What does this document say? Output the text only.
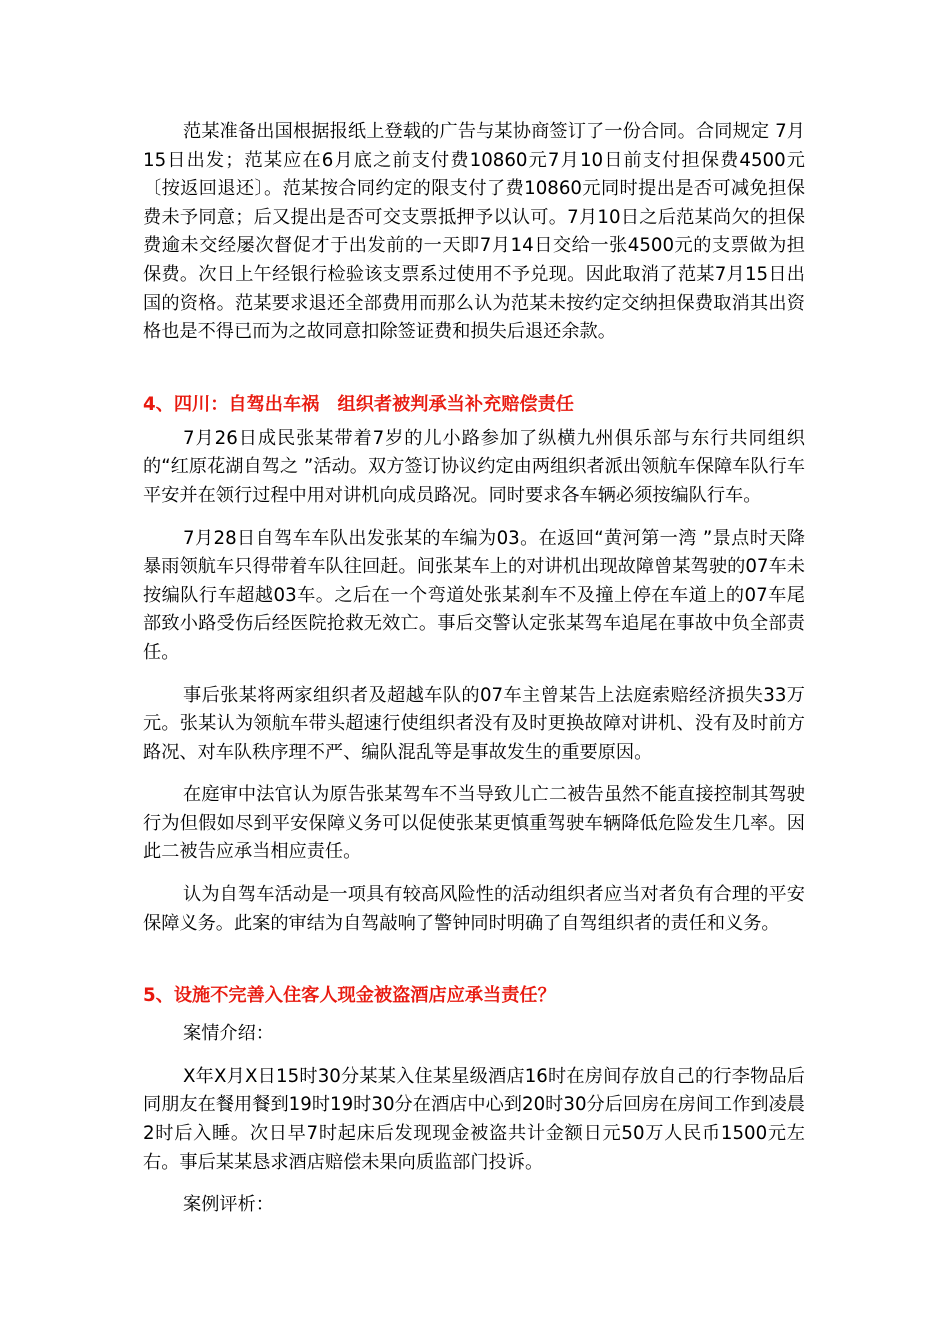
范某准备出国根据报纸上登载的广告与某协商签订了一份合同。合同规定 7月15日出发；范某应在6月底之前支付费10860元7月10日前支付担保费4500元〔按返回退还〕。范某按合同约定的限支付了费10860元同时提出是否可减免担保费未予同意；后又提出是否可交支票抵押予以认可。7月10日之后范某尚欠的担保费逾未交经屡次督促才于出发前的一天即7月14日交给一张4500元的支票做为担保费。次日上午经银行检验该支票系过使用不予兑现。因此取消了范某7月15日出国的资格。范某要求退还全部费用而那么认为范某未按约定交纳担保费取消其出资格也是不得已而为之故同意扣除签证费和损失后退还余款。

4、四川：自驾出车祸　组织者被判承当补充赔偿责任

7月26日成民张某带着7岁的儿小路参加了纵横九州俱乐部与东行共同组织的“红原花湖自驾之 ”活动。双方签订协议约定由两组织者派出领航车保障车队行车平安并在领行过程中用对讲机向成员路况。同时要求各车辆必须按编队行车。

7月28日自驾车车队出发张某的车编为03。在返回“黄河第一湾 ”景点时天降暴雨领航车只得带着车队往回赶。间张某车上的对讲机出现故障曾某驾驶的07车未按编队行车超越03车。之后在一个弯道处张某刹车不及撞上停在车道上的07车尾部致小路受伤后经医院抢救无效亡。事后交警认定张某驾车追尾在事故中负全部责任。

事后张某将两家组织者及超越车队的07车主曾某告上法庭索赔经济损失33万元。张某认为领航车带头超速行使组织者没有及时更换故障对讲机、没有及时前方路况、对车队秩序理不严、编队混乱等是事故发生的重要原因。

在庭审中法官认为原告张某驾车不当导致儿亡二被告虽然不能直接控制其驾驶行为但假如尽到平安保障义务可以促使张某更慎重驾驶车辆降低危险发生几率。因此二被告应承当相应责任。

认为自驾车活动是一项具有较高风险性的活动组织者应当对者负有合理的平安保障义务。此案的审结为自驾敲响了警钟同时明确了自驾组织者的责任和义务。

5、设施不完善入住客人现金被盗酒店应承当责任？

案情介绍：

X年X月X日15时30分某某入住某星级酒店16时在房间存放自己的行李物品后同朋友在餐用餐到19时19时30分在酒店中心到20时30分后回房在房间工作到凌晨2时后入睡。次日早7时起床后发现现金被盗共计金额日元50万人民币1500元左右。事后某某恳求酒店赔偿未果向质监部门投诉。

案例评析：
